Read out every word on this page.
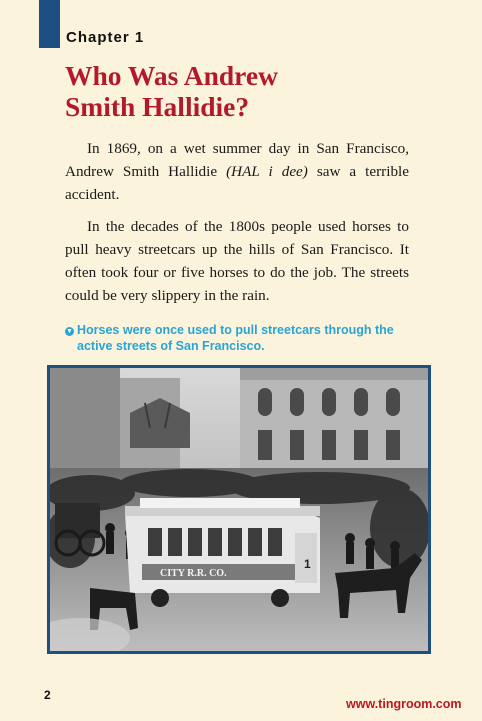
Chapter 1
Who Was Andrew
Smith Hallidie?

In 1869, on a wet summer day in San Francisco, Andrew Smith Hallidie (HAL i dee) saw a terrible accident.

In the decades of the 1800s people used horses to pull heavy streetcars up the hills of San Francisco. It often took four or five horses to do the job. The streets could be very slippery in the rain.

▼ Horses were once used to pull streetcars through the active streets of San Francisco.
CITY R.R. CO.
1
2
www.tingroom.com
